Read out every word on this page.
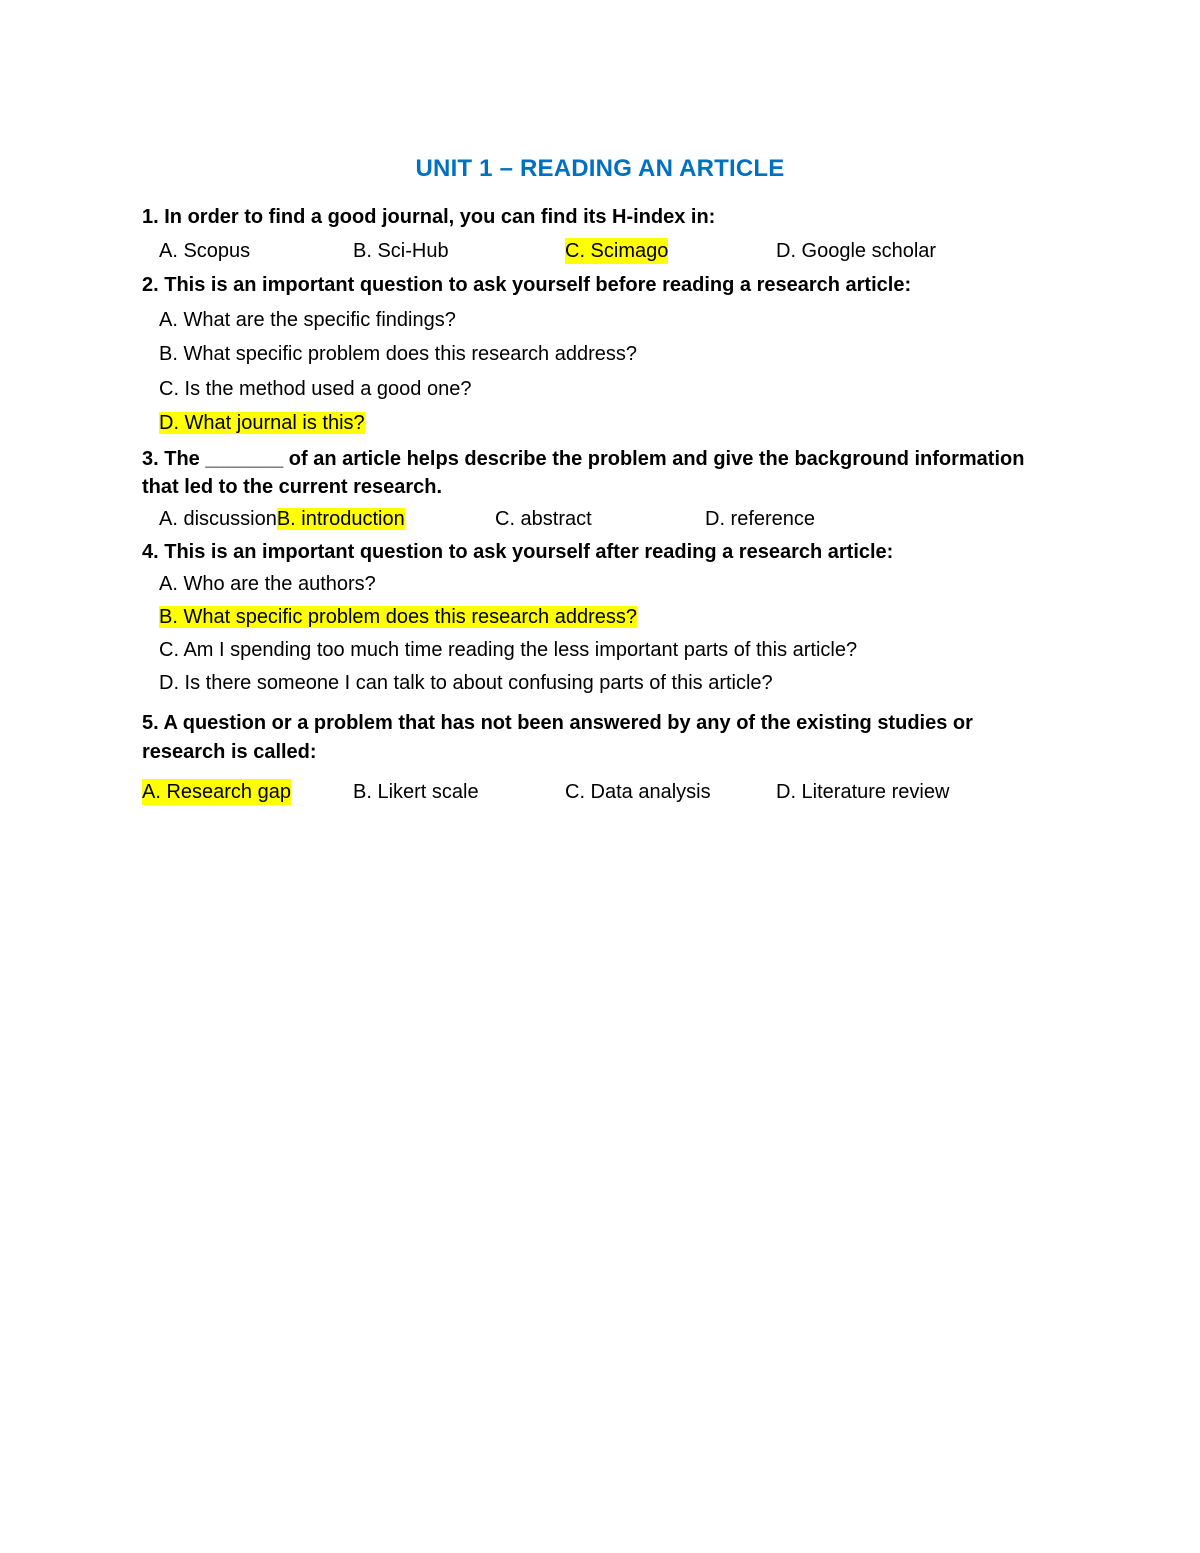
UNIT 1 – READING AN ARTICLE
1. In order to find a good journal, you can find its H-index in:
A. Scopus	B. Sci-Hub	C. Scimago	D. Google scholar
2. This is an important question to ask yourself before reading a research article:
A. What are the specific findings?
B. What specific problem does this research address?
C. Is the method used a good one?
D. What journal is this?
3. The _______ of an article helps describe the problem and give the background information
that led to the current research.
A. discussionB. introduction	C. abstract	D. reference
4. This is an important question to ask yourself after reading a research article:
A. Who are the authors?
B. What specific problem does this research address?
C. Am I spending too much time reading the less important parts of this article?
D. Is there someone I can talk to about confusing parts of this article?
5. A question or a problem that has not been answered by any of the existing studies or
research is called:
A. Research gap	B. Likert scale	C. Data analysis	D. Literature review
